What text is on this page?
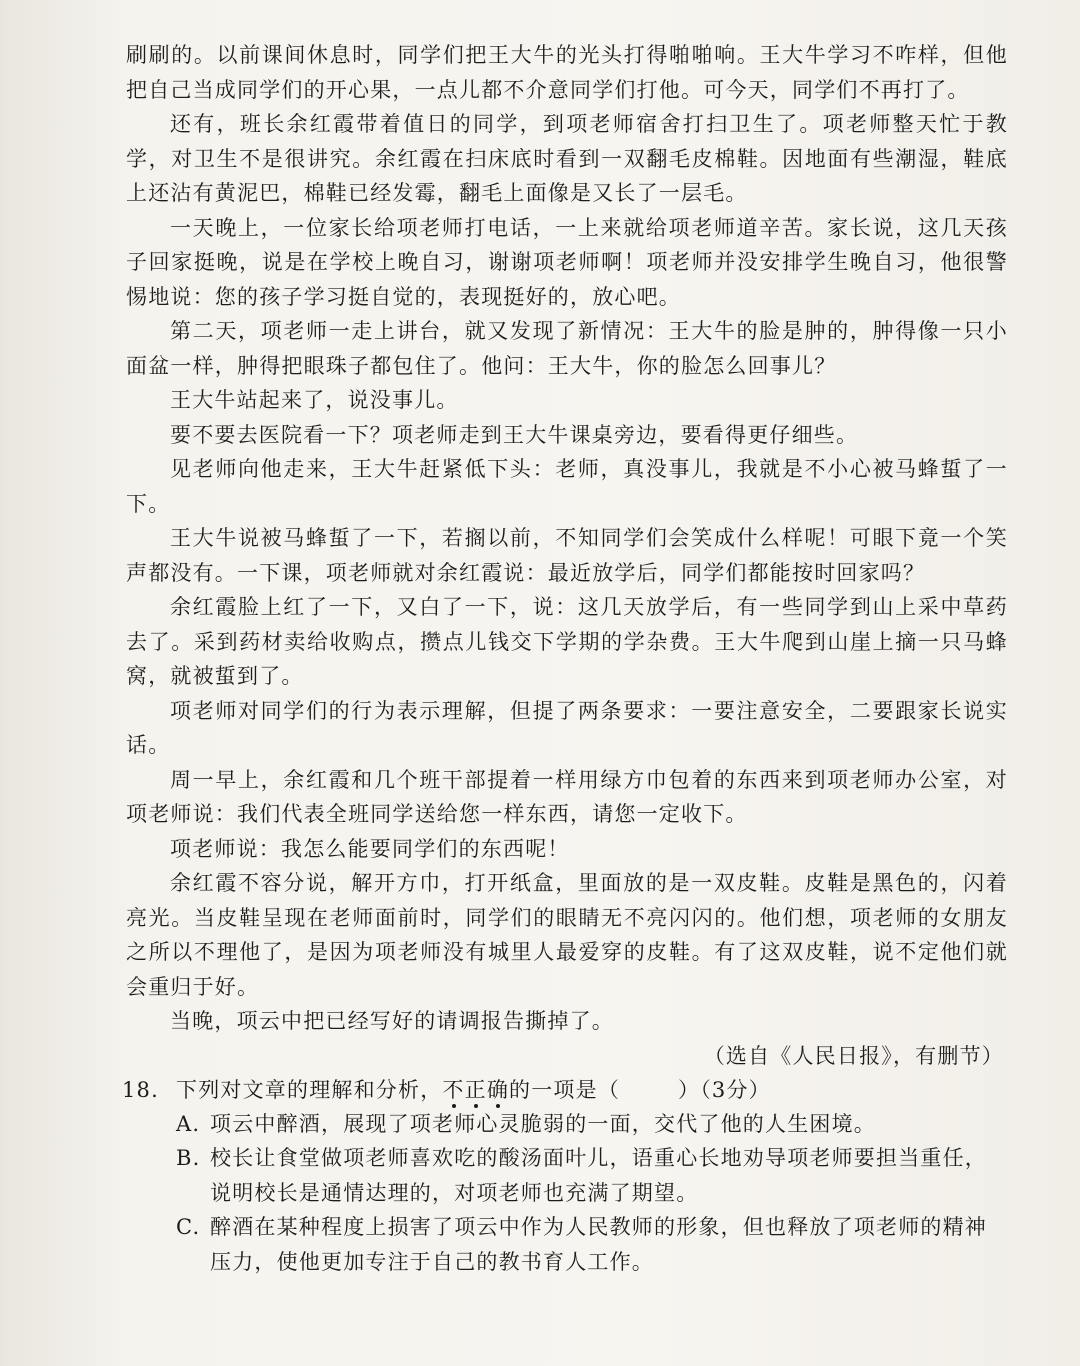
刷刷的。以前课间休息时，同学们把王大牛的光头打得啪啪响。王大牛学习不咋样，但他把自己当成同学们的开心果，一点儿都不介意同学们打他。可今天，同学们不再打了。

还有，班长余红霞带着值日的同学，到项老师宿舍打扫卫生了。项老师整天忙于教学，对卫生不是很讲究。余红霞在扫床底时看到一双翻毛皮棉鞋。因地面有些潮湿，鞋底上还沾有黄泥巴，棉鞋已经发霉，翻毛上面像是又长了一层毛。

一天晚上，一位家长给项老师打电话，一上来就给项老师道辛苦。家长说，这几天孩子回家挺晚，说是在学校上晚自习，谢谢项老师啊！项老师并没安排学生晚自习，他很警惕地说：您的孩子学习挺自觉的，表现挺好的，放心吧。

第二天，项老师一走上讲台，就又发现了新情况：王大牛的脸是肿的，肿得像一只小面盆一样，肿得把眼珠子都包住了。他问：王大牛，你的脸怎么回事儿？

王大牛站起来了，说没事儿。

要不要去医院看一下？项老师走到王大牛课桌旁边，要看得更仔细些。

见老师向他走来，王大牛赶紧低下头：老师，真没事儿，我就是不小心被马蜂蜇了一下。

王大牛说被马蜂蜇了一下，若搁以前，不知同学们会笑成什么样呢！可眼下竟一个笑声都没有。一下课，项老师就对余红霞说：最近放学后，同学们都能按时回家吗？

余红霞脸上红了一下，又白了一下，说：这几天放学后，有一些同学到山上采中草药去了。采到药材卖给收购点，攒点儿钱交下学期的学杂费。王大牛爬到山崖上摘一只马蜂窝，就被蜇到了。

项老师对同学们的行为表示理解，但提了两条要求：一要注意安全，二要跟家长说实话。

周一早上，余红霞和几个班干部提着一样用绿方巾包着的东西来到项老师办公室，对项老师说：我们代表全班同学送给您一样东西，请您一定收下。

项老师说：我怎么能要同学们的东西呢！

余红霞不容分说，解开方巾，打开纸盒，里面放的是一双皮鞋。皮鞋是黑色的，闪着亮光。当皮鞋呈现在老师面前时，同学们的眼睛无不亮闪闪的。他们想，项老师的女朋友之所以不理他了，是因为项老师没有城里人最爱穿的皮鞋。有了这双皮鞋，说不定他们就会重归于好。

当晚，项云中把已经写好的请调报告撕掉了。

（选自《人民日报》，有删节）

18. 下列对文章的理解和分析，不正确的一项是（	）（3分）

A. 项云中醉酒，展现了项老师心灵脆弱的一面，交代了他的人生困境。

B. 校长让食堂做项老师喜欢吃的酸汤面叶儿，语重心长地劝导项老师要担当重任，说明校长是通情达理的，对项老师也充满了期望。

C. 醉酒在某种程度上损害了项云中作为人民教师的形象，但也释放了项老师的精神压力，使他更加专注于自己的教书育人工作。
